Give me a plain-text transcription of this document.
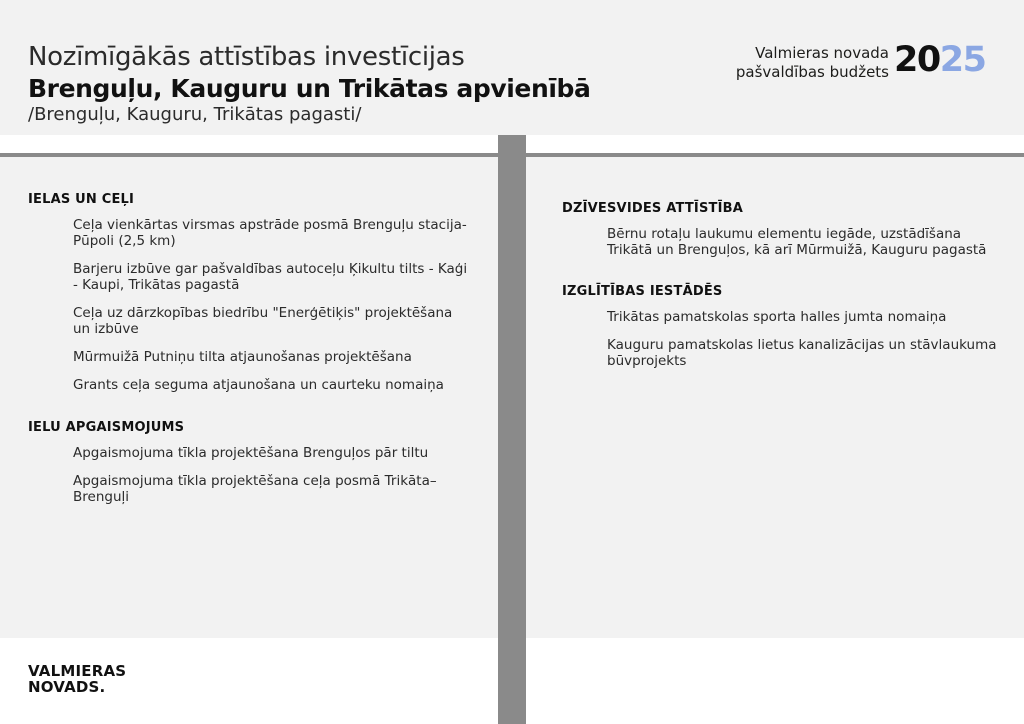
Nozīmīgākās attīstības investīcijas
Brenguļu, Kauguru un Trikātas apvienībā
/Brenguļu, Kauguru, Trikātas pagasti/
Valmieras novada
pašvaldības budžets 2025
IELAS UN CEĻI
Ceļa vienkārtas virsmas apstrāde posmā Brenguļu stacija-Pūpoli (2,5 km)
Barjeru izbūve gar pašvaldības autoceļu Ķikultu tilts - Kaģi - Kaupi, Trikātas pagastā
Ceļa uz dārzkopības biedrību "Enerģētiķis" projektēšana un izbūve
Mūrmuižā Putniņu tilta atjaunošanas projektēšana
Grants ceļa seguma atjaunošana un caurteku nomaiņa
IELU APGAISMOJUMS
Apgaismojuma tīkla projektēšana Brenguļos pār tiltu
Apgaismojuma tīkla projektēšana ceļa posmā Trikāta–Brenguļi
DZĪVESVIDES ATTĪSTĪBA
Bērnu rotaļu laukumu elementu iegāde, uzstādīšana Trikātā un Brenguļos, kā arī Mūrmuižā, Kauguru pagastā
IZGLĪTĪBAS IESTĀDĒS
Trikātas pamatskolas sporta halles jumta nomaiņa
Kauguru pamatskolas lietus kanalizācijas un stāvlaukuma būvprojekts
VALMIERAS
NOVADS.
